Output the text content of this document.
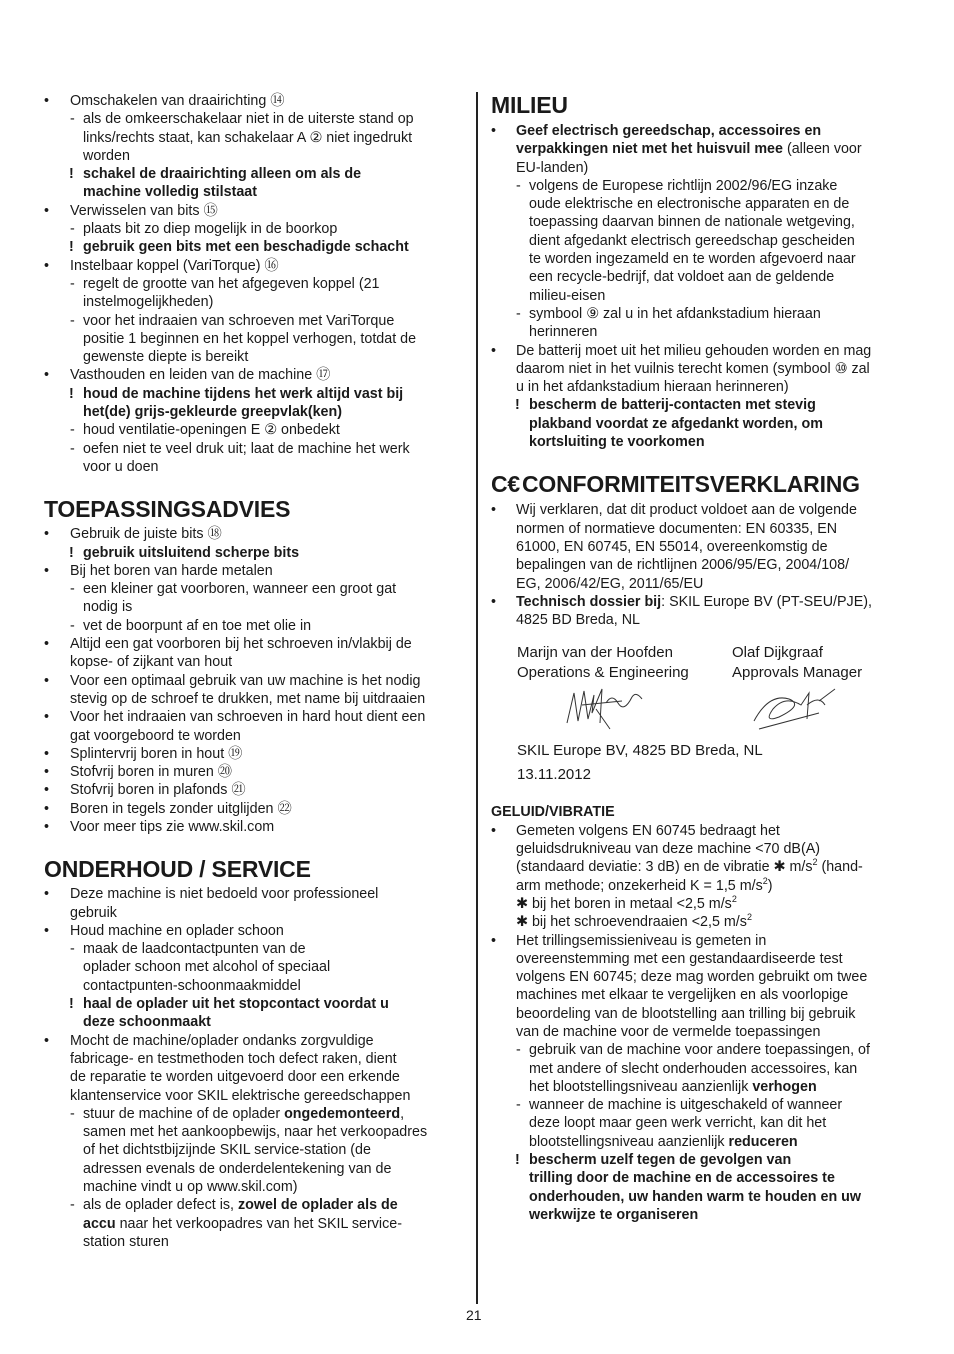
• Omschakelen van draairichting ⑭
- als de omkeerschakelaar niet in de uiterste stand op
links/rechts staat, kan schakelaar A ② niet ingedrukt
worden
! schakel de draairichting alleen om als de
machine volledig stilstaat
• Verwisselen van bits ⑮
- plaats bit zo diep mogelijk in de boorkop
! gebruik geen bits met een beschadigde schacht
• Instelbaar koppel (VariTorque) ⑯
- regelt de grootte van het afgegeven koppel (21
instelmogelijkheden)
- voor het indraaien van schroeven met VariTorque
positie 1 beginnen en het koppel verhogen, totdat de
gewenste diepte is bereikt
• Vasthouden en leiden van de machine ⑰
! houd de machine tijdens het werk altijd vast bij
het(de) grijs-gekleurde greepvlak(ken)
- houd ventilatie-openingen E ② onbedekt
- oefen niet te veel druk uit; laat de machine het werk
voor u doen
TOEPASSINGSADVIES
• Gebruik de juiste bits ⑱
! gebruik uitsluitend scherpe bits
• Bij het boren van harde metalen
- een kleiner gat voorboren, wanneer een groot gat
nodig is
- vet de boorpunt af en toe met olie in
• Altijd een gat voorboren bij het schroeven in/vlakbij de
kopse- of zijkant van hout
• Voor een optimaal gebruik van uw machine is het nodig
stevig op de schroef te drukken, met name bij uitdraaien
• Voor het indraaien van schroeven in hard hout dient een
gat voorgeboord te worden
• Splintervrij boren in hout ⑲
• Stofvrij boren in muren ⑳
• Stofvrij boren in plafonds ㉑
• Boren in tegels zonder uitglijden ㉒
• Voor meer tips zie www.skil.com
ONDERHOUD / SERVICE
• Deze machine is niet bedoeld voor professioneel
gebruik
• Houd machine en oplader schoon
- maak de laadcontactpunten van de
oplader schoon met alcohol of speciaal
contactpunten-schoonmaakmiddel
! haal de oplader uit het stopcontact voordat u
deze schoonmaakt
• Mocht de machine/oplader ondanks zorgvuldige
fabricage- en testmethoden toch defect raken, dient
de reparatie te worden uitgevoerd door een erkende
klantenservice voor SKIL elektrische gereedschappen
- stuur de machine of de oplader ongedemonteerd,
samen met het aankoopbewijs, naar het verkoopadres
of het dichtstbijzijnde SKIL service-station (de
adressen evenals de onderdelentekening van de
machine vindt u op www.skil.com)
- als de oplader defect is, zowel de oplader als de
accu naar het verkoopadres van het SKIL service-
station sturen
MILIEU
• Geef electrisch gereedschap, accessoires en
verpakkingen niet met het huisvuil mee (alleen voor
EU-landen)
- volgens de Europese richtlijn 2002/96/EG inzake
oude elektrische en electronische apparaten en de
toepassing daarvan binnen de nationale wetgeving,
dient afgedankt electrisch gereedschap gescheiden
te worden ingezameld en te worden afgevoerd naar
een recycle-bedrijf, dat voldoet aan de geldende
milieu-eisen
- symbool ⑨ zal u in het afdankstadium hieraan
herinneren
• De batterij moet uit het milieu gehouden worden en mag
daarom niet in het vuilnis terecht komen (symbool ⑩ zal
u in het afdankstadium hieraan herinneren)
! bescherm de batterij-contacten met stevig
plakband voordat ze afgedankt worden, om
kortsluiting te voorkomen
C€CONFORMITEITSVERKLARING
• Wij verklaren, dat dit product voldoet aan de volgende
normen of normatieve documenten: EN 60335, EN
61000, EN 60745, EN 55014, overeenkomstig de
bepalingen van de richtlijnen 2006/95/EG, 2004/108/
EG, 2006/42/EG, 2011/65/EU
• Technisch dossier bij: SKIL Europe BV (PT-SEU/PJE),
4825 BD Breda, NL
Marijn van der Hoofden
Operations & Engineering
Olaf Dijkgraaf
Approvals Manager
SKIL Europe BV, 4825 BD Breda, NL
13.11.2012
GELUID/VIBRATIE
• Gemeten volgens EN 60745 bedraagt het
geluidsdrukniveau van deze machine <70 dB(A)
(standaard deviatie: 3 dB) en de vibratie ✱ $m/s^2$ (hand-
arm methode; onzekerheid K = 1,5 $m/s^2$)
✱ bij het boren in metaal <2,5 $m/s^2$
✱ bij het schroevendraaien <2,5 $m/s^2$
• Het trillingsemissieniveau is gemeten in
overeenstemming met een gestandaardiseerde test
volgens EN 60745; deze mag worden gebruikt om twee
machines met elkaar te vergelijken en als voorlopige
beoordeling van de blootstelling aan trilling bij gebruik
van de machine voor de vermelde toepassingen
- gebruik van de machine voor andere toepassingen, of
met andere of slecht onderhouden accessoires, kan
het blootstellingsniveau aanzienlijk verhogen
- wanneer de machine is uitgeschakeld of wanneer
deze loopt maar geen werk verricht, kan dit het
blootstellingsniveau aanzienlijk reduceren
! bescherm uzelf tegen de gevolgen van
trilling door de machine en de accessoires te
onderhouden, uw handen warm te houden en uw
werkwijze te organiseren
21
